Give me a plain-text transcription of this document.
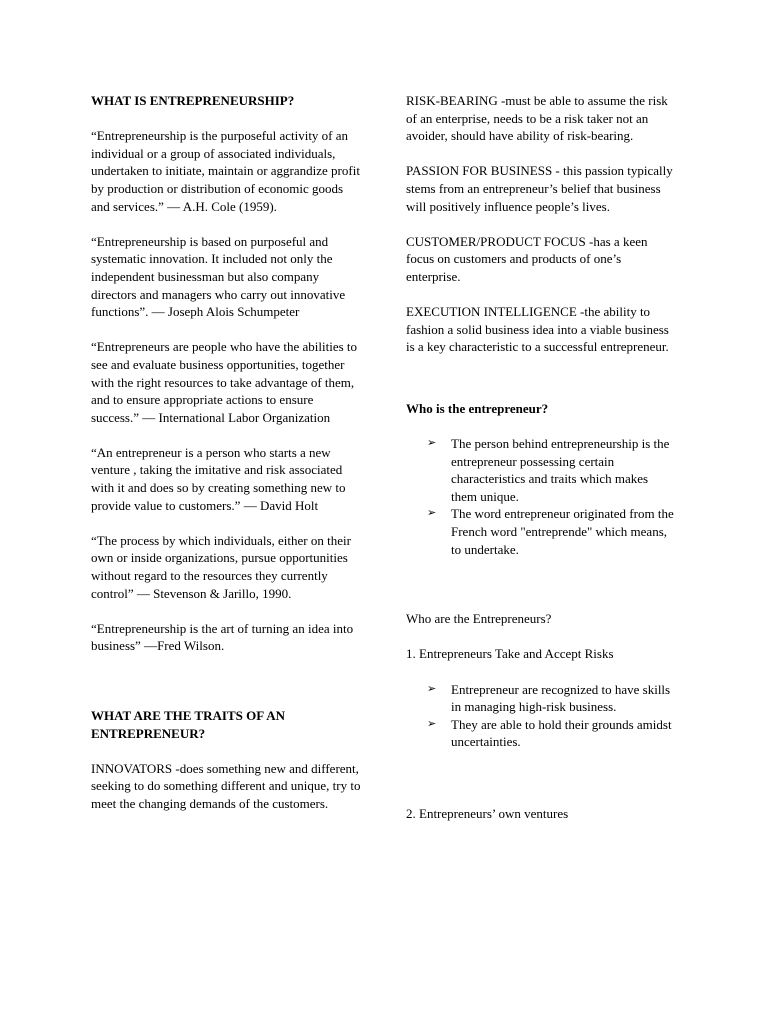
WHAT IS ENTREPRENEURSHIP?

“Entrepreneurship is the purposeful activity of an individual or a group of associated individuals, undertaken to initiate, maintain or aggrandize profit by production or distribution of economic goods and services.” — A.H. Cole (1959).

“Entrepreneurship is based on purposeful and systematic innovation. It included not only the independent businessman but also company directors and managers who carry out innovative functions”. — Joseph Alois Schumpeter

“Entrepreneurs are people who have the abilities to see and evaluate business opportunities, together with the right resources to take advantage of them, and to ensure appropriate actions to ensure success.” — International Labor Organization

“An entrepreneur is a person who starts a new venture , taking the imitative and risk associated with it and does so by creating something new to provide value to customers.” — David Holt

“The process by which individuals, either on their own or inside organizations, pursue opportunities without regard to the resources they currently control” — Stevenson & Jarillo, 1990.

“Entrepreneurship is the art of turning an idea into business” —Fred Wilson.

WHAT ARE THE TRAITS OF AN ENTREPRENEUR?

INNOVATORS -does something new and different, seeking to do something different and unique, try to meet the changing demands of the customers.

RISK-BEARING -must be able to assume the risk of an enterprise, needs to be a risk taker not an avoider, should have ability of risk-bearing.

PASSION FOR BUSINESS - this passion typically stems from an entrepreneur’s belief that business will positively influence people’s lives.

CUSTOMER/PRODUCT FOCUS -has a keen focus on customers and products of one’s enterprise.

EXECUTION INTELLIGENCE -the ability to fashion a solid business idea into a viable business is a key characteristic to a successful entrepreneur.

Who is the entrepreneur?

➢ The person behind entrepreneurship is the entrepreneur possessing certain characteristics and traits which makes them unique.
➢ The word entrepreneur originated from the French word "entreprende" which means, to undertake.

Who are the Entrepreneurs?

1. Entrepreneurs Take and Accept Risks

➢ Entrepreneur are recognized to have skills in managing high-risk business.
➢ They are able to hold their grounds amidst uncertainties.

2. Entrepreneurs’ own ventures
